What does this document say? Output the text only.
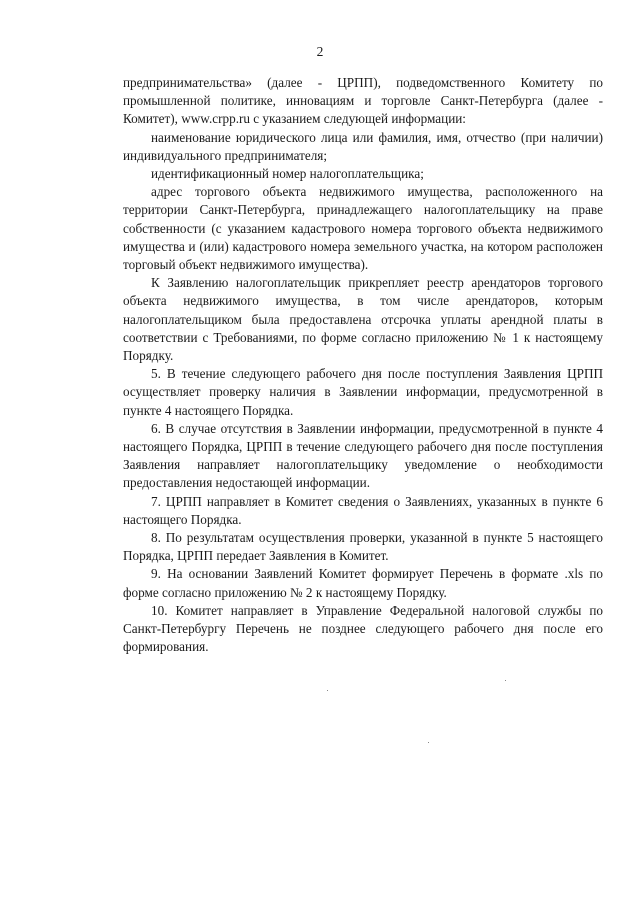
2

предпринимательства» (далее - ЦРПП), подведомственного Комитету по промышленной политике, инновациям и торговле Санкт-Петербурга (далее - Комитет), www.crpp.ru с указанием следующей информации:

наименование юридического лица или фамилия, имя, отчество (при наличии) индивидуального предпринимателя;

идентификационный номер налогоплательщика;

адрес торгового объекта недвижимого имущества, расположенного на территории Санкт-Петербурга, принадлежащего налогоплательщику на праве собственности (с указанием кадастрового номера торгового объекта недвижимого имущества и (или) кадастрового номера земельного участка, на котором расположен торговый объект недвижимого имущества).

К Заявлению налогоплательщик прикрепляет реестр арендаторов торгового объекта недвижимого имущества, в том числе арендаторов, которым налогоплательщиком была предоставлена отсрочка уплаты арендной платы в соответствии с Требованиями, по форме согласно приложению № 1 к настоящему Порядку.

5. В течение следующего рабочего дня после поступления Заявления ЦРПП осуществляет проверку наличия в Заявлении информации, предусмотренной в пункте 4 настоящего Порядка.

6. В случае отсутствия в Заявлении информации, предусмотренной в пункте 4 настоящего Порядка, ЦРПП в течение следующего рабочего дня после поступления Заявления направляет налогоплательщику уведомление о необходимости предоставления недостающей информации.

7. ЦРПП направляет в Комитет сведения о Заявлениях, указанных в пункте 6 настоящего Порядка.

8. По результатам осуществления проверки, указанной в пункте 5 настоящего Порядка, ЦРПП передает Заявления в Комитет.

9. На основании Заявлений Комитет формирует Перечень в формате .xls по форме согласно приложению № 2 к настоящему Порядку.

10. Комитет направляет в Управление Федеральной налоговой службы по Санкт-Петербургу Перечень не позднее следующего рабочего дня после его формирования.
